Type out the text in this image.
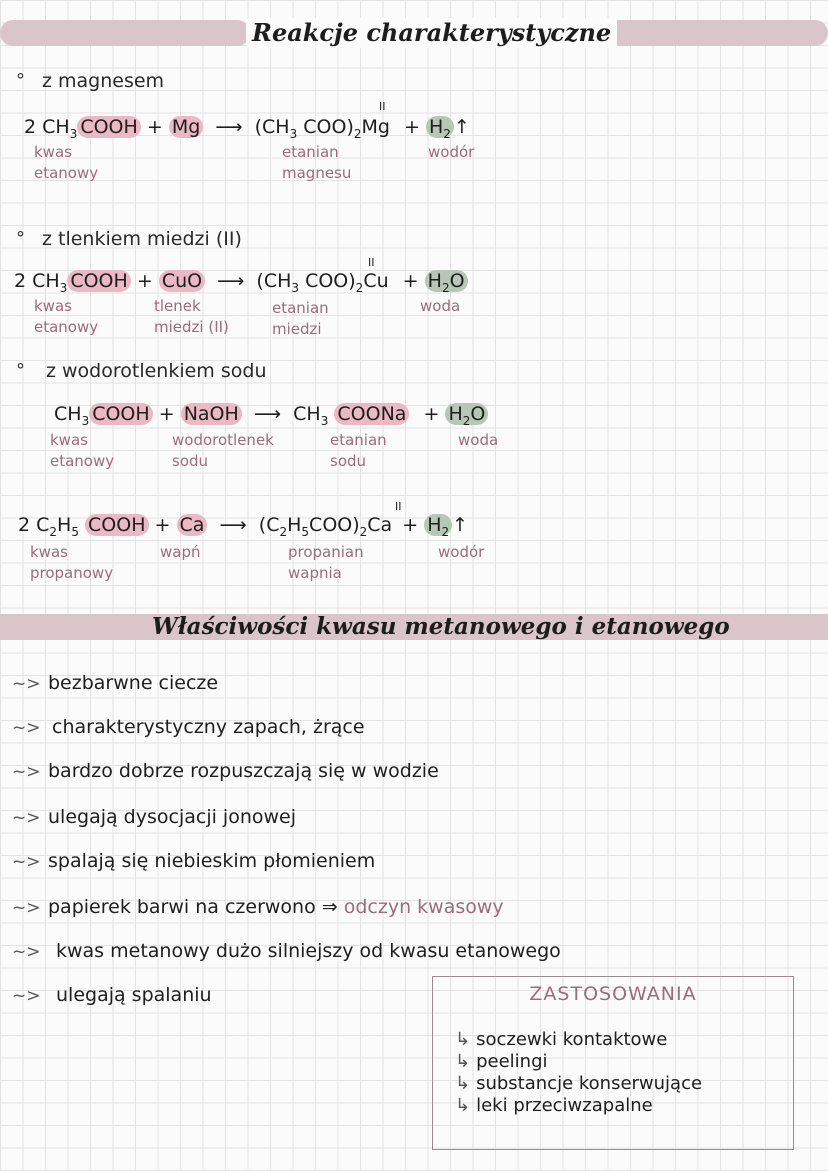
Reakcje charakterystyczne
° z magnesem
2 $CH_3$ COOH + Mg ⟶ ($CH_3$ $COO)_2Mg + H_2$ ↑
II
kwas
etanowy
etanian
magnesu
wodór
° z tlenkiem miedzi (II)
2 $CH_3$ COOH + CuO ⟶ ($CH_3$ $COO)_2Cu + H_2O$
II
kwas
etanowy
tlenek
miedzi (II)
etanian
miedzi
woda
° z wodorotlenkiem sodu
$CH_3$ COOH + NaOH ⟶ $CH_3$ COONa + $H_2O$
kwas
etanowy
wodorotlenek
sodu
etanian
sodu
woda
2 $C_2H_5$ COOH + Ca ⟶ $(C_2H_5COO)_2Ca + H_2$ ↑
II
kwas
propanowy
wapń	propanian
wapnia
wodór
Właściwości kwasu metanowego i etanowego
~> bezbarwne ciecze
~> charakterystyczny zapach, żrące
~> bardzo dobrze rozpuszczają się w wodzie
~> ulegają dysocjacji jonowej
~> spalają się niebieskim płomieniem
~> papierek barwi na czerwono ⇒ odczyn kwasowy
~> kwas metanowy dużo silniejszy od kwasu etanowego
~> ulegają spalaniu	ZASTOSOWANIA
↳ soczewki kontaktowe
↳ peelingi
↳ substancje konserwujące
↳ leki przeciwzapalne
